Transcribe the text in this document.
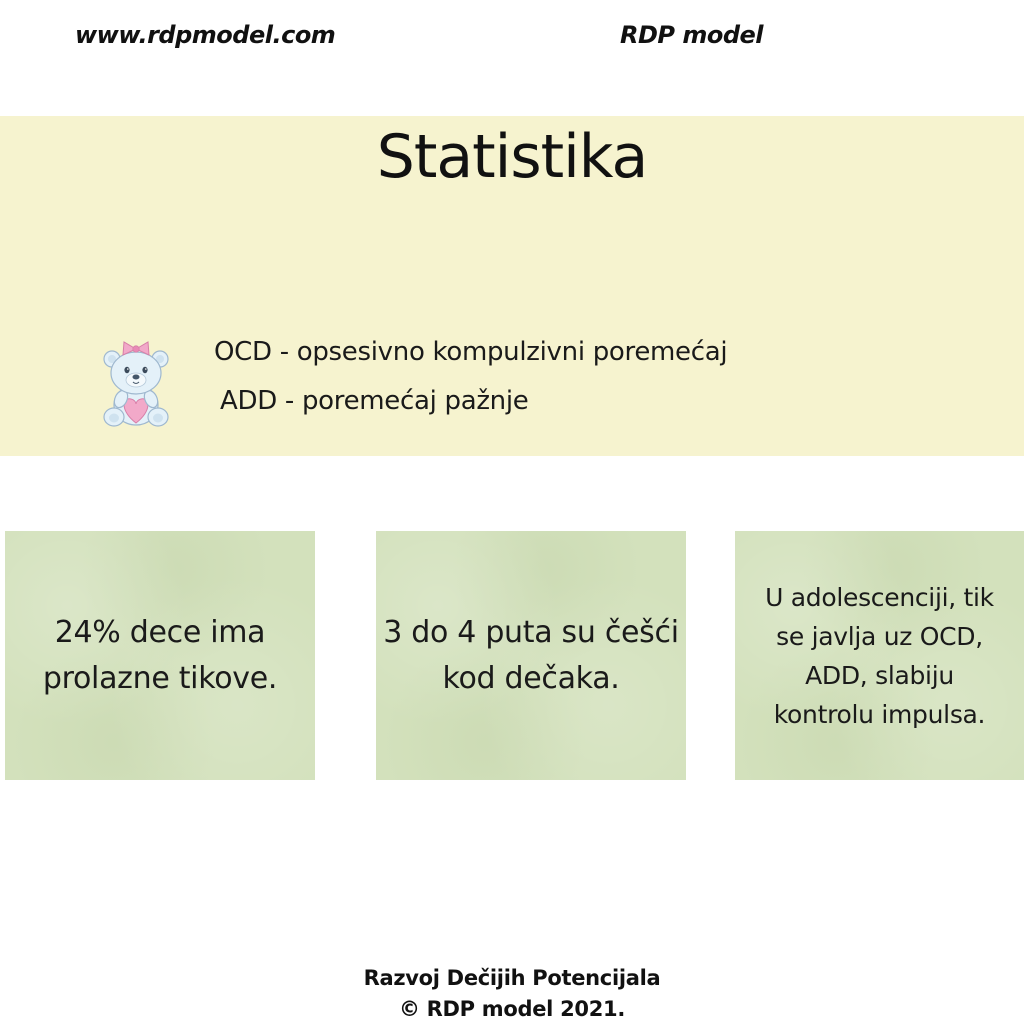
www.rdpmodel.com	RDP model
Statistika
OCD - opsesivno kompulzivni poremećaj
ADD - poremećaj pažnje
24% dece ima prolazne tikove.
3 do 4 puta su češći kod dečaka.
U adolescenciji, tik se javlja uz OCD, ADD, slabiju kontrolu impulsa.
Razvoj Dečijih Potencijala
© RDP model 2021.
